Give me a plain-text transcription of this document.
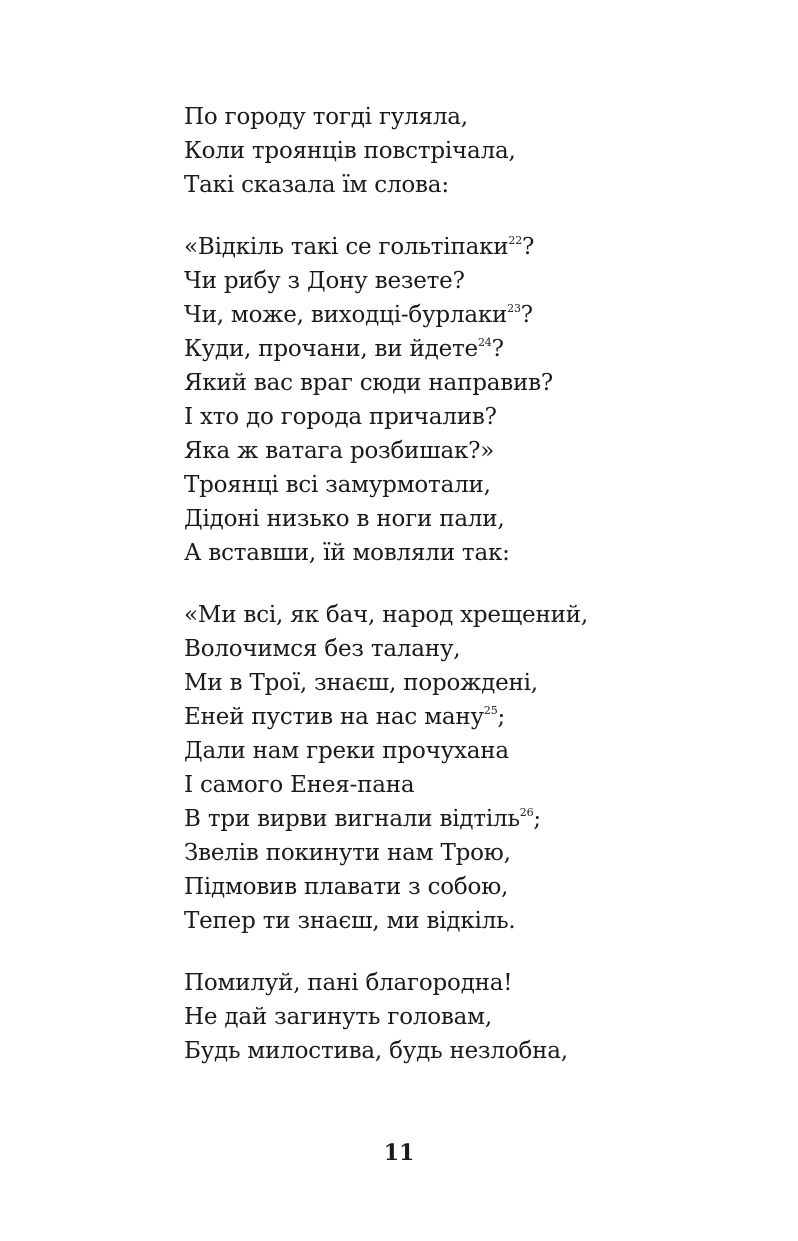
По городу тогді гуляла,
Коли троянців повстрічала,
Такі сказала їм слова:
«Відкіль такі се гольтіпаки$^{22}$?
Чи рибу з Дону везете?
Чи, може, виходці-бурлаки$^{23}$?
Куди, прочани, ви йдете$^{24}$?
Який вас враг сюди направив?
І хто до города причалив?
Яка ж ватага розбишак?»
Троянці всі замурмотали,
Дідоні низько в ноги пали,
А вставши, їй мовляли так:
«Ми всі, як бач, народ хрещений,
Волочимся без талану,
Ми в Трої, знаєш, порождені,
Еней пустив на нас ману$^{25}$;
Дали нам греки прочухана
І самого Енея-пана
В три вирви вигнали відтіль$^{26}$;
Звелів покинути нам Трою,
Підмовив плавати з собою,
Тепер ти знаєш, ми відкіль.
Помилуй, пані благородна!
Не дай загинуть головам,
Будь милостива, будь незлобна,
11
